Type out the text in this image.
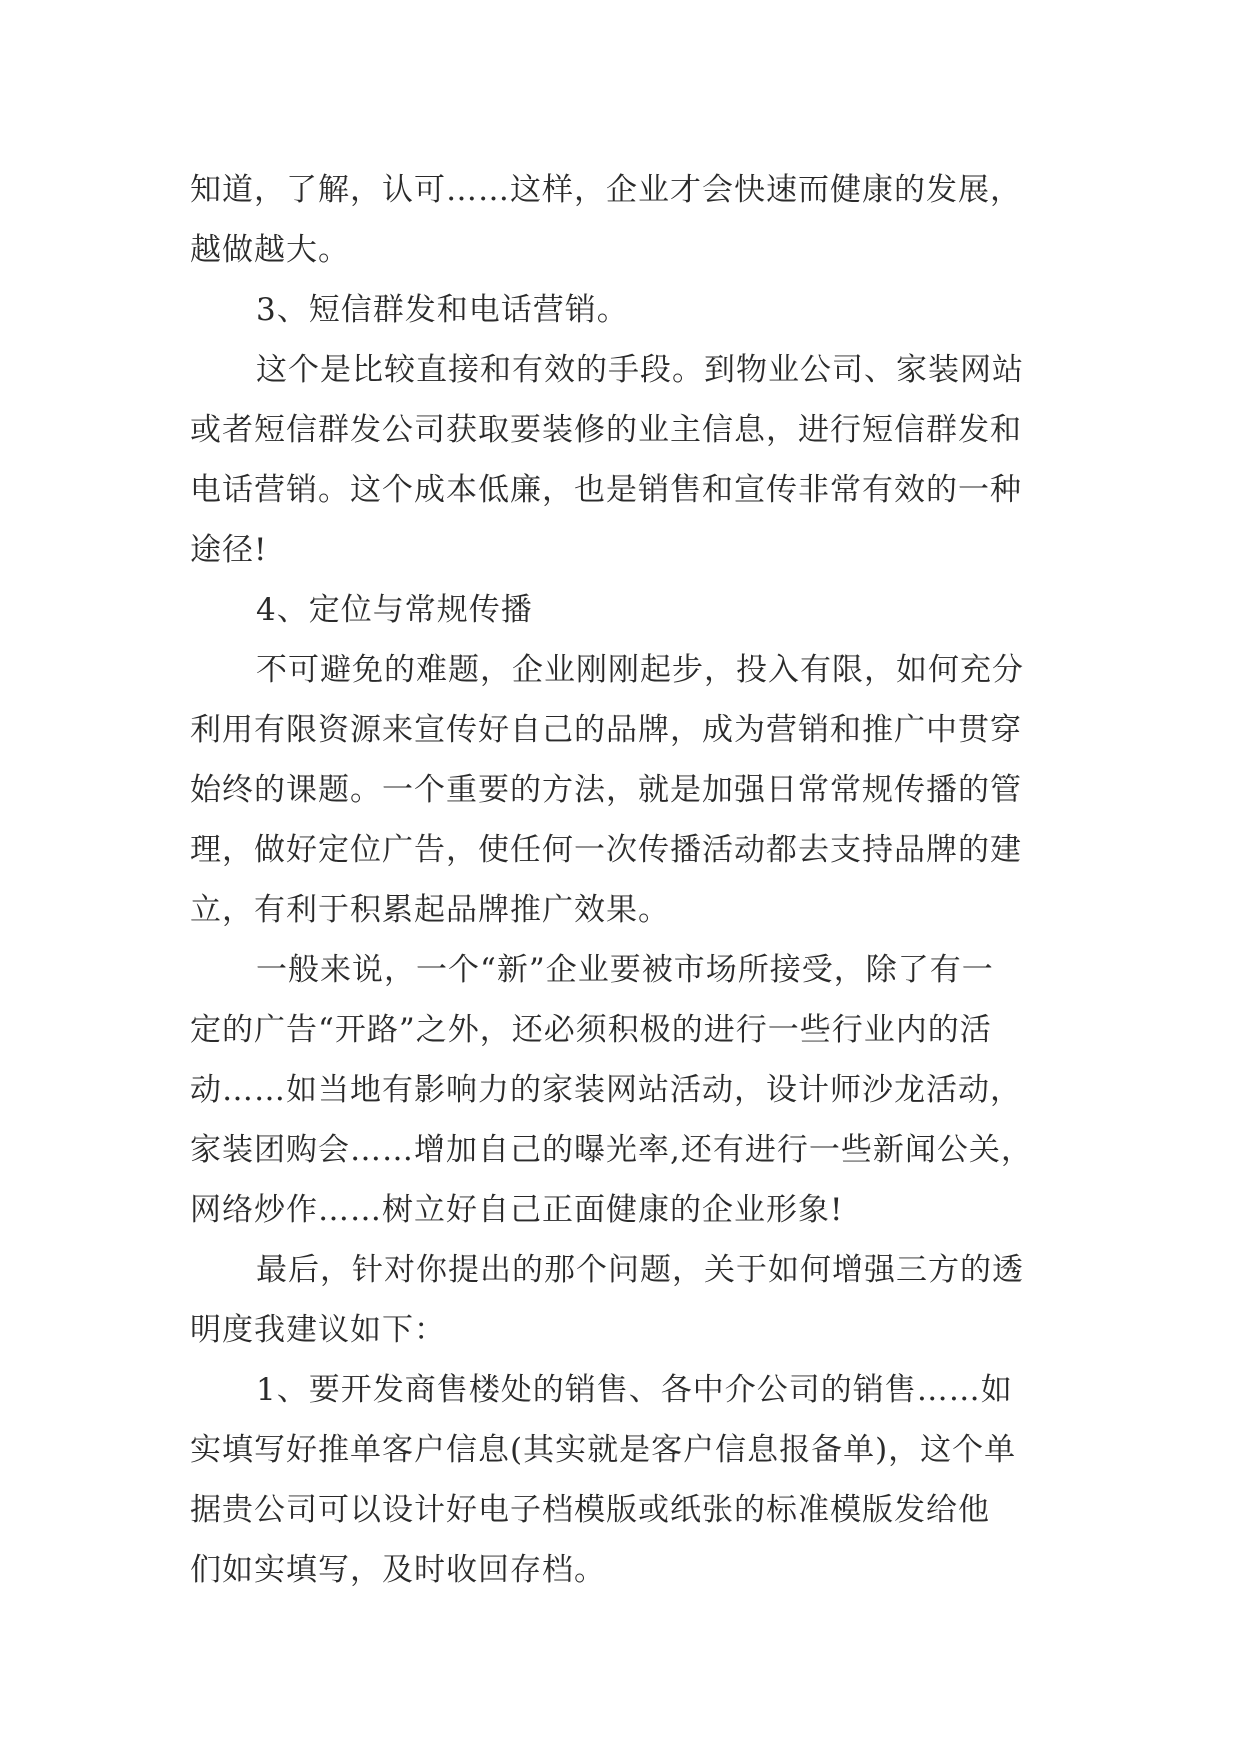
知道，了解，认可……这样，企业才会快速而健康的发展，
越做越大。
3、短信群发和电话营销。
这个是比较直接和有效的手段。到物业公司、家装网站
或者短信群发公司获取要装修的业主信息，进行短信群发和
电话营销。这个成本低廉，也是销售和宣传非常有效的一种
途径!
4、定位与常规传播
不可避免的难题，企业刚刚起步，投入有限，如何充分
利用有限资源来宣传好自己的品牌，成为营销和推广中贯穿
始终的课题。一个重要的方法，就是加强日常常规传播的管
理，做好定位广告，使任何一次传播活动都去支持品牌的建
立，有利于积累起品牌推广效果。
一般来说，一个“新”企业要被市场所接受，除了有一
定的广告“开路”之外，还必须积极的进行一些行业内的活
动……如当地有影响力的家装网站活动，设计师沙龙活动，
家装团购会……增加自己的曝光率,还有进行一些新闻公关，
网络炒作……树立好自己正面健康的企业形象!
最后，针对你提出的那个问题，关于如何增强三方的透
明度我建议如下：
1、要开发商售楼处的销售、各中介公司的销售……如
实填写好推单客户信息(其实就是客户信息报备单)，这个单
据贵公司可以设计好电子档模版或纸张的标准模版发给他
们如实填写，及时收回存档。
